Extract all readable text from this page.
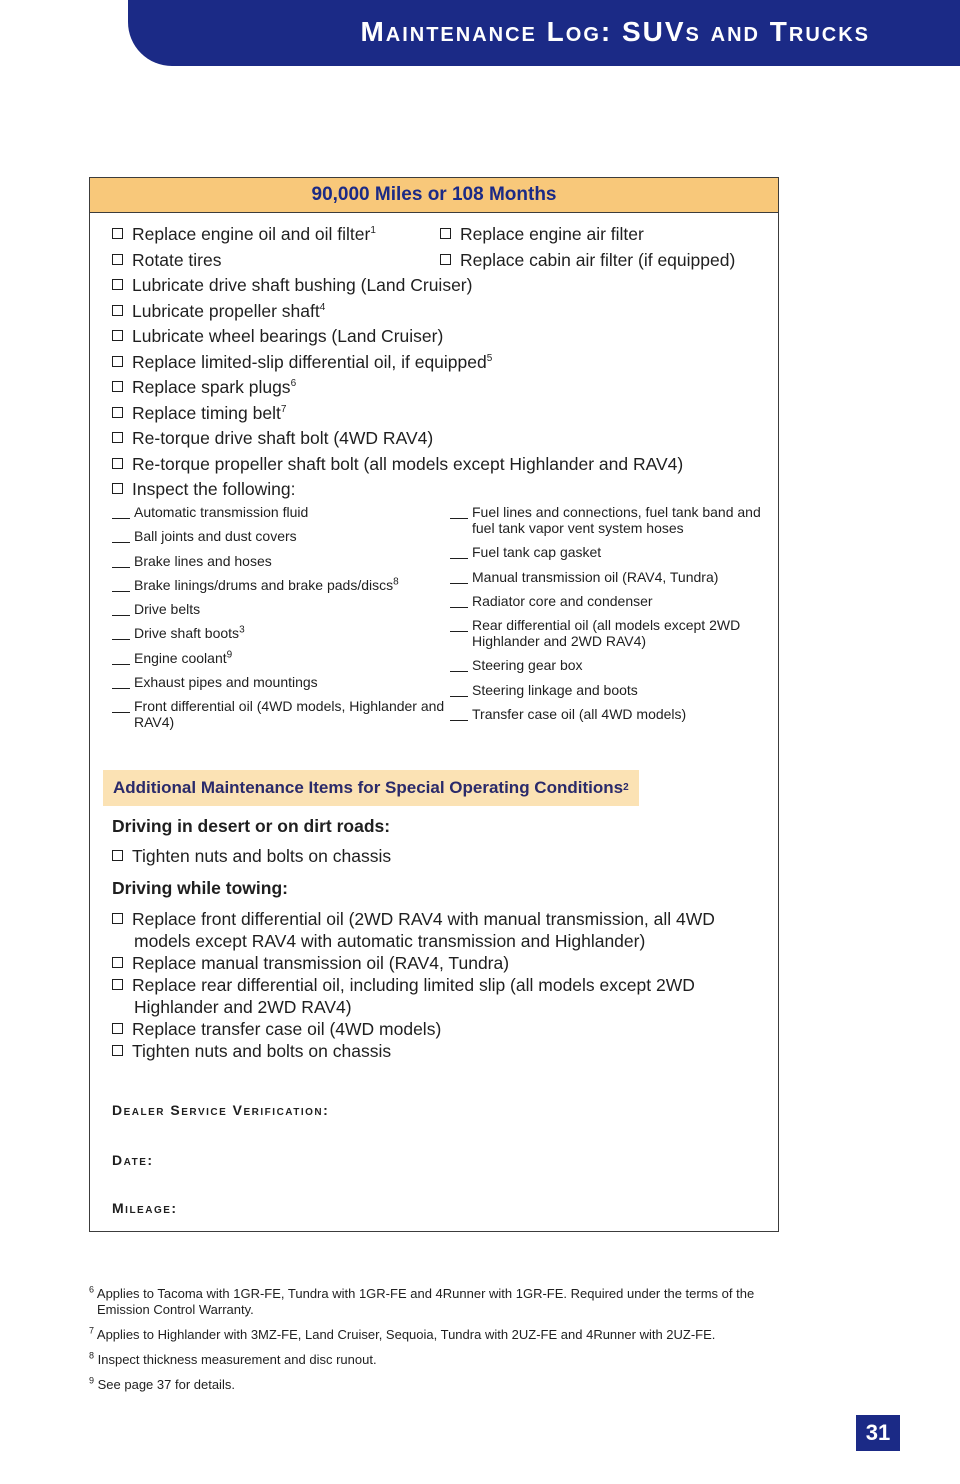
Maintenance Log: SUVs and Trucks
90,000 Miles or 108 Months
Replace engine oil and oil filter$^1$
Rotate tires
Lubricate drive shaft bushing (Land Cruiser)
Lubricate propeller shaft$^4$
Lubricate wheel bearings (Land Cruiser)
Replace limited-slip differential oil, if equipped$^5$
Replace spark plugs$^6$
Replace timing belt$^7$
Re-torque drive shaft bolt (4WD RAV4)
Re-torque propeller shaft bolt (all models except Highlander and RAV4)
Inspect the following:
Replace engine air filter
Replace cabin air filter (if equipped)
Automatic transmission fluid
Ball joints and dust covers
Brake lines and hoses
Brake linings/drums and brake pads/discs$^8$
Drive belts
Drive shaft boots$^3$
Engine coolant$^9$
Exhaust pipes and mountings
Front differential oil (4WD models, Highlander and RAV4)
Fuel lines and connections, fuel tank band and fuel tank vapor vent system hoses
Fuel tank cap gasket
Manual transmission oil (RAV4, Tundra)
Radiator core and condenser
Rear differential oil (all models except 2WD Highlander and 2WD RAV4)
Steering gear box
Steering linkage and boots
Transfer case oil (all 4WD models)
Additional Maintenance Items for Special Operating Conditions 2
Driving in desert or on dirt roads:
Tighten nuts and bolts on chassis
Driving while towing:
Replace front differential oil (2WD RAV4 with manual transmission, all 4WD models except RAV4 with automatic transmission and Highlander)
Replace manual transmission oil (RAV4, Tundra)
Replace rear differential oil, including limited slip (all models except 2WD Highlander and 2WD RAV4)
Replace transfer case oil (4WD models)
Tighten nuts and bolts on chassis
Dealer Service Verification:
Date:
Mileage:
$^6$ Applies to Tacoma with 1GR-FE, Tundra with 1GR-FE and 4Runner with 1GR-FE. Required under the terms of the Emission Control Warranty.
$^7$ Applies to Highlander with 3MZ-FE, Land Cruiser, Sequoia, Tundra with 2UZ-FE and 4Runner with 2UZ-FE.
$^8$ Inspect thickness measurement and disc runout.
$^9$ See page 37 for details.
31
